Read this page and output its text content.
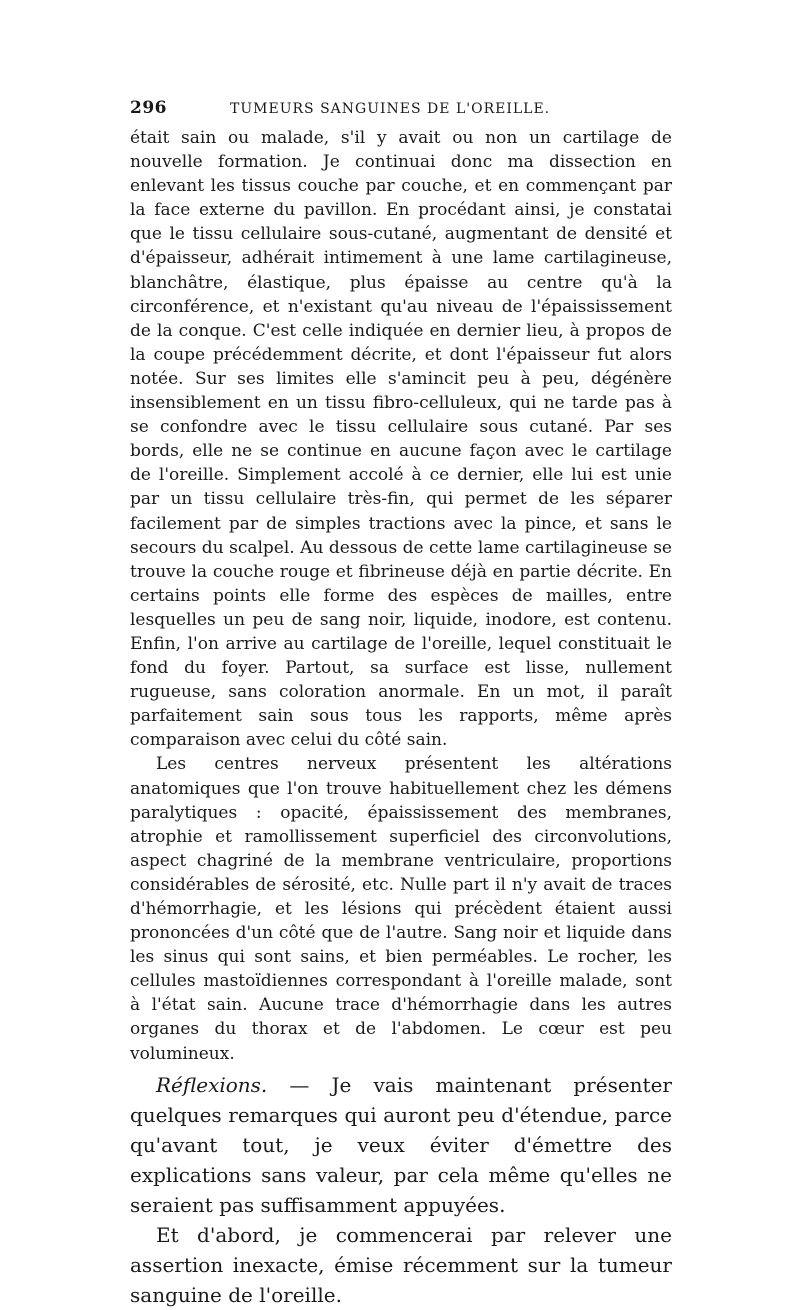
296	TUMEURS SANGUINES DE L'OREILLE.

était sain ou malade, s'il y avait ou non un cartilage de nouvelle formation. Je continuai donc ma dissection en enlevant les tissus couche par couche, et en commençant par la face externe du pavillon. En procédant ainsi, je constatai que le tissu cellulaire sous-cutané, augmentant de densité et d'épaisseur, adhérait intimement à une lame cartilagineuse, blanchâtre, élastique, plus épaisse au centre qu'à la circonférence, et n'existant qu'au niveau de l'épaississement de la conque. C'est celle indiquée en dernier lieu, à propos de la coupe précédemment décrite, et dont l'épaisseur fut alors notée. Sur ses limites elle s'amincit peu à peu, dégénère insensiblement en un tissu fibro-celluleux, qui ne tarde pas à se confondre avec le tissu cellulaire sous cutané. Par ses bords, elle ne se continue en aucune façon avec le cartilage de l'oreille. Simplement accolé à ce dernier, elle lui est unie par un tissu cellulaire très-fin, qui permet de les séparer facilement par de simples tractions avec la pince, et sans le secours du scalpel. Au dessous de cette lame cartilagineuse se trouve la couche rouge et fibrineuse déjà en partie décrite. En certains points elle forme des espèces de mailles, entre lesquelles un peu de sang noir, liquide, inodore, est contenu. Enfin, l'on arrive au cartilage de l'oreille, lequel constituait le fond du foyer. Partout, sa surface est lisse, nullement rugueuse, sans coloration anormale. En un mot, il paraît parfaitement sain sous tous les rapports, même après comparaison avec celui du côté sain.

Les centres nerveux présentent les altérations anatomiques que l'on trouve habituellement chez les démens paralytiques : opacité, épaississement des membranes, atrophie et ramollissement superficiel des circonvolutions, aspect chagriné de la membrane ventriculaire, proportions considérables de sérosité, etc. Nulle part il n'y avait de traces d'hémorrhagie, et les lésions qui précèdent étaient aussi prononcées d'un côté que de l'autre. Sang noir et liquide dans les sinus qui sont sains, et bien perméables. Le rocher, les cellules mastoïdiennes correspondant à l'oreille malade, sont à l'état sain. Aucune trace d'hémorrhagie dans les autres organes du thorax et de l'abdomen. Le cœur est peu volumineux.

Réflexions. — Je vais maintenant présenter quelques remarques qui auront peu d'étendue, parce qu'avant tout, je veux éviter d'émettre des explications sans valeur, par cela même qu'elles ne seraient pas suffisamment appuyées.

Et d'abord, je commencerai par relever une assertion inexacte, émise récemment sur la tumeur sanguine de l'oreille.
